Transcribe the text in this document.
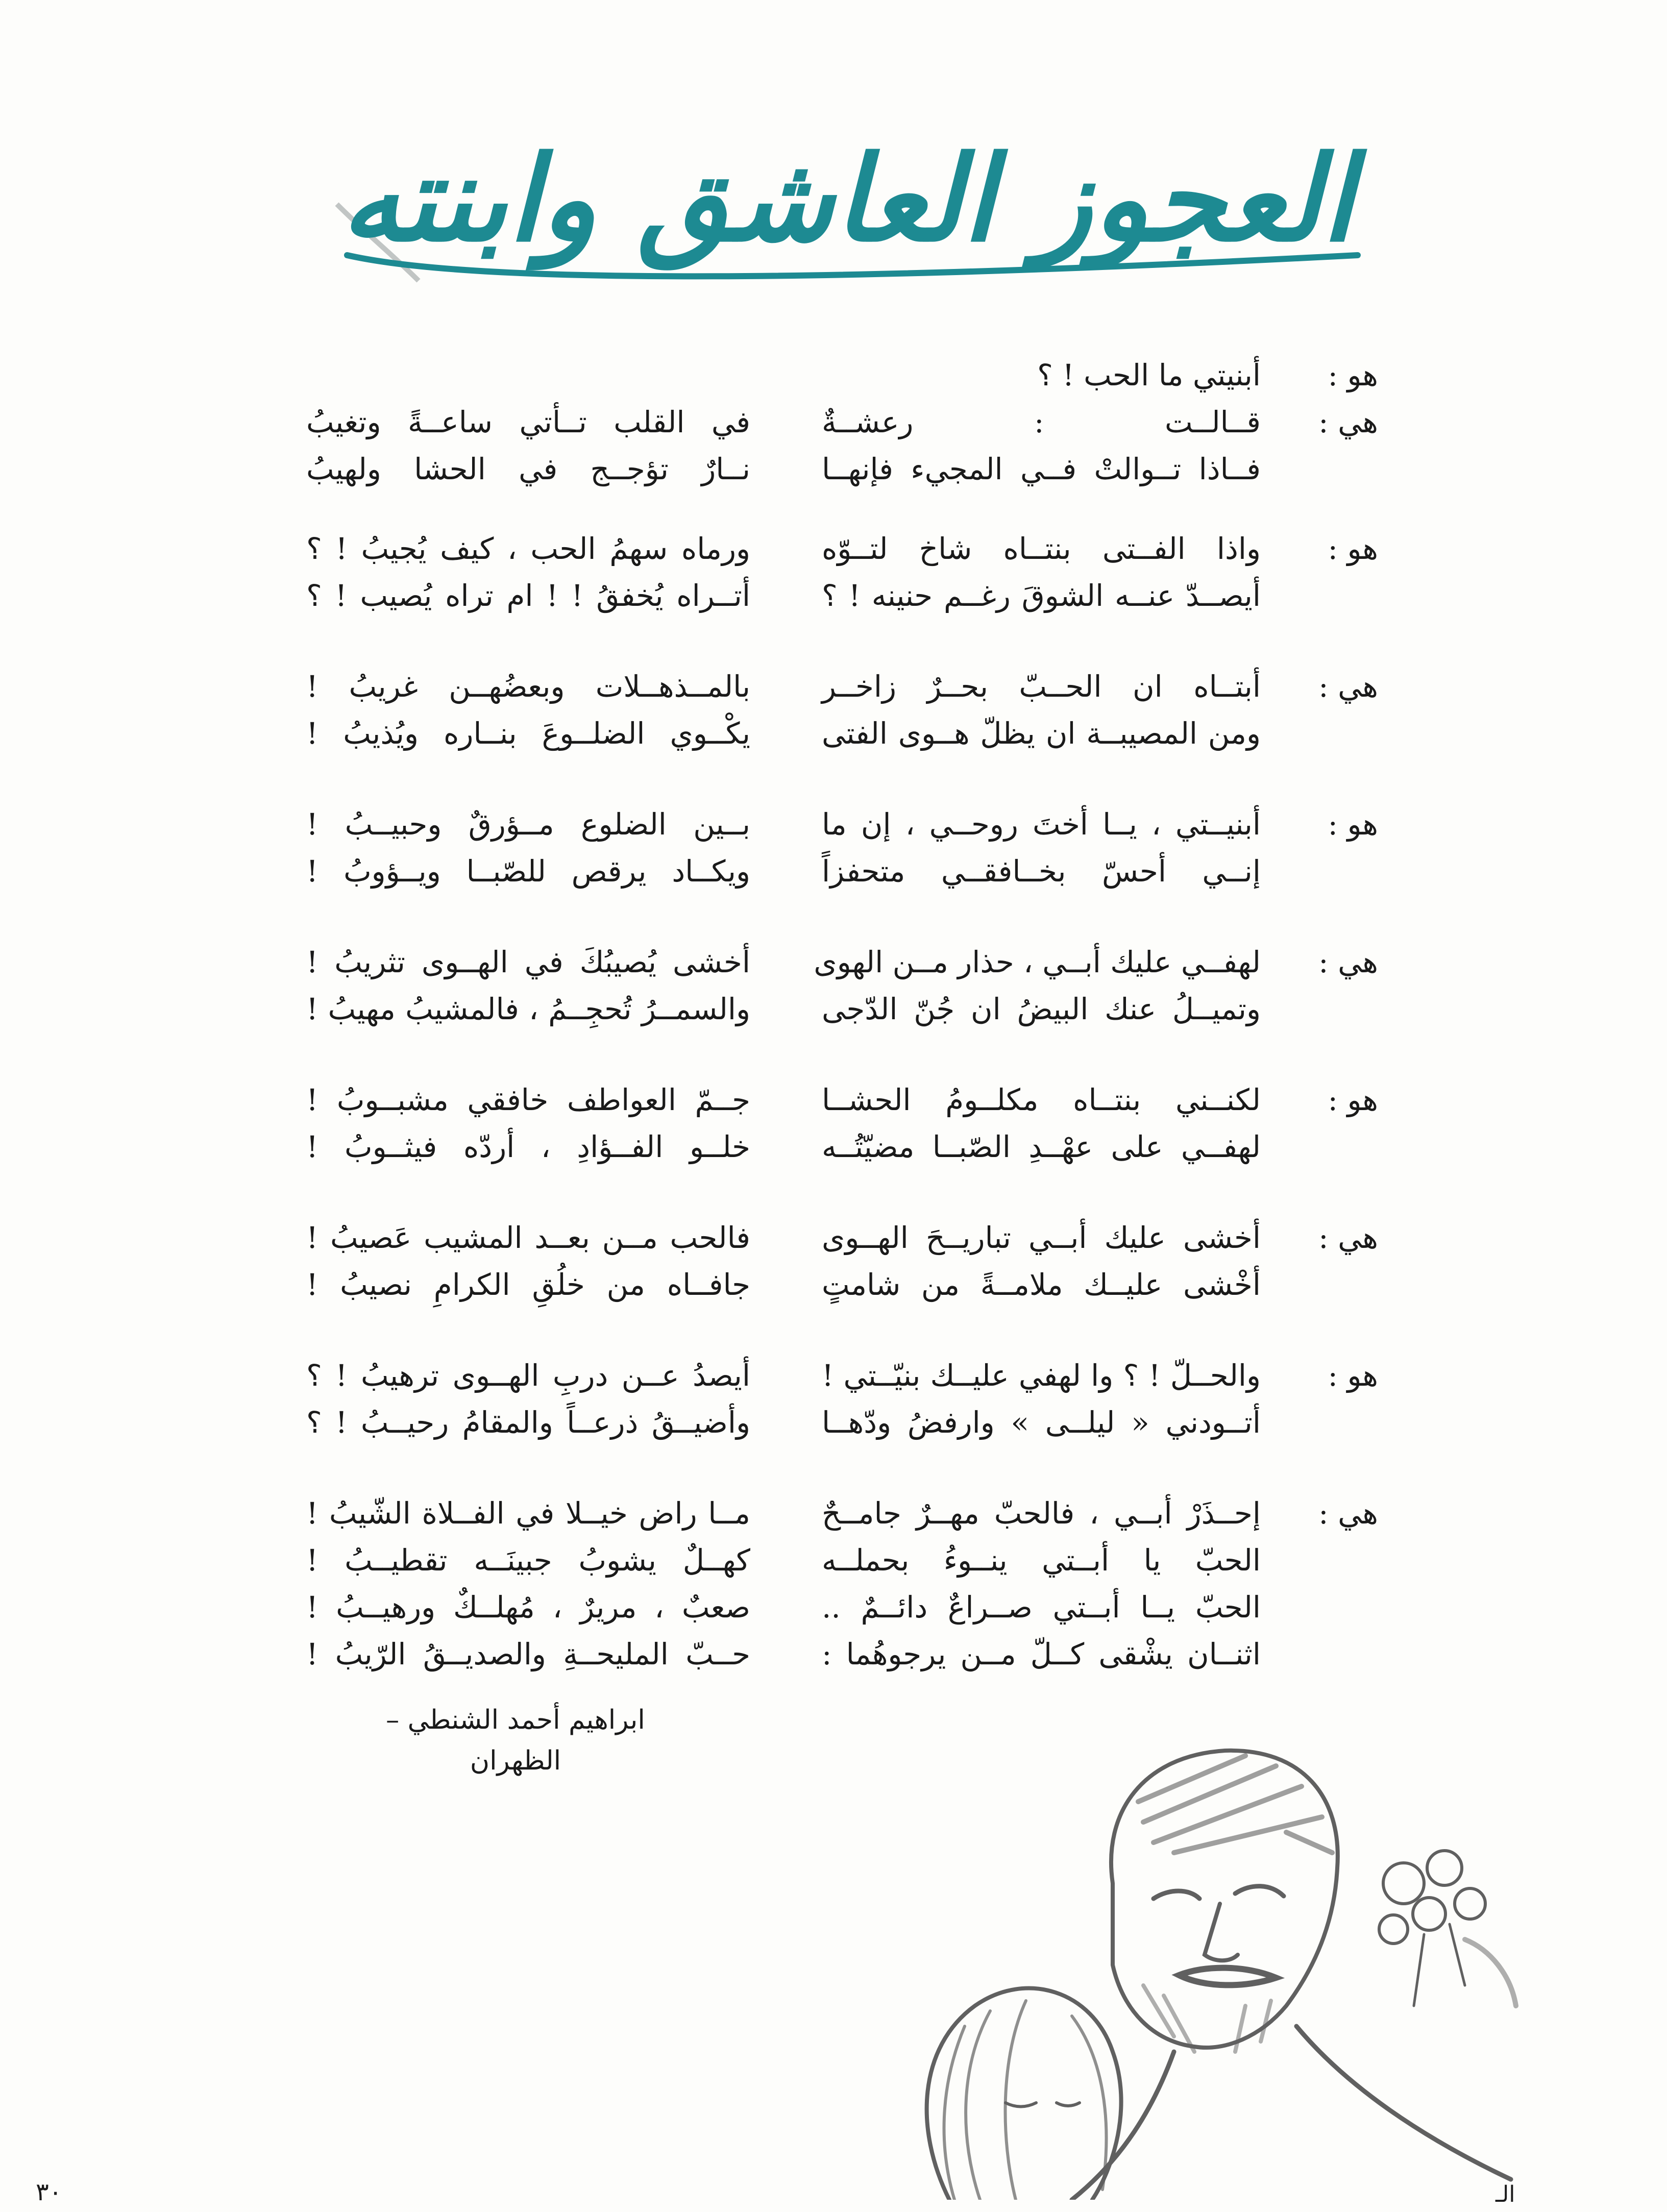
العجوز العاشق وابنته
هو :
أبنيتي ما الحب ! ؟
هي :
قــالــت : رعشــةٌ
في القلب تــأتي ساعــةً وتغيبُ
فــاذا تــوالتْ فــي المجيء فإنهــا
نــارٌ تؤجــج في الحشا ولهيبُ
هو :
واذا الفــتى بنتــاه شاخ لتــوّه
ورماه سهمُ الحب ، كيف يُجيبُ ! ؟
أيصــدّ عنــه الشوقَ رغــم حنينه ! ؟
أتــراه يُخفقُ ! ! ام تراه يُصيب ! ؟
هي :
أبتــاه ان الحــبّ بحــرٌ زاخــر
بالمــذهــلات وبعضُهــن غريبُ !
ومن المصيبــة ان يظلّ هــوى الفتى
يكْــوي الضلــوعَ بنــاره ويُذيبُ !
هو :
أبنيــتي ، يــا أختَ روحــي ، إن ما
بــين الضلوع مــؤرقٌ وحبيــبُ !
إنــي أحسّ بخــافقــي متحفزاً
ويكــاد يرقص للصّبــا ويــؤوبُ !
هي :
لهفــي عليك أبــي ، حذار مــن الهوى
أخشى يُصيبُكَ في الهــوى تثريبُ !
وتميــلُ عنك البيضُ ان جُنّ الدّجى
والسمــرُ تُحجِــمُ ، فالمشيبُ مهيبُ !
هو :
لكنــني بنتــاه مكلــومُ الحشــا
جــمّ العواطف خافقي مشبــوبُ !
لهفــي على عهْــدِ الصّبــا مضيّتُــه
خلــو الفــؤادِ ، أردّه فيثــوبُ !
هي :
أخشى عليك أبــي تباريــحَ الهــوى
فالحب مــن بعــد المشيب عَصيبُ !
أخْشى عليــك ملامــةً من شامتٍ
جافــاه من خلُقِ الكرامِ نصيبُ !
هو :
والحــلّ ! ؟ وا لهفي عليــك بنيّــتي !
أيصدُ عــن دربِ الهــوى ترهيبُ ! ؟
أتــودني « ليلــى » وارفضُ ودّهــا
وأضيــقُ ذرعــاً والمقامُ رحيــبُ ! ؟
هي :
إحــذَرْ أبــي ، فالحبّ مهــرٌ جامــحٌ
مــا راض خيــلا في الفــلاة الشّيبُ !
الحبّ يا أبــتي ينــوءُ بحملــه
كهــلٌ يشوبُ جبينَــه تقطيــبُ !
الحبّ يــا أبــتي صــراعٌ دائــمٌ ..
صعبٌ ، مريرٌ ، مُهلــكٌ ورهيــبُ !
اثنــان يشْقى كــلّ مــن يرجوهُما :
حــبّ المليحــةِ والصديــقُ الرّيبُ !
ابراهيم أحمد الشنطي – الظهران
٣٠	الـ
